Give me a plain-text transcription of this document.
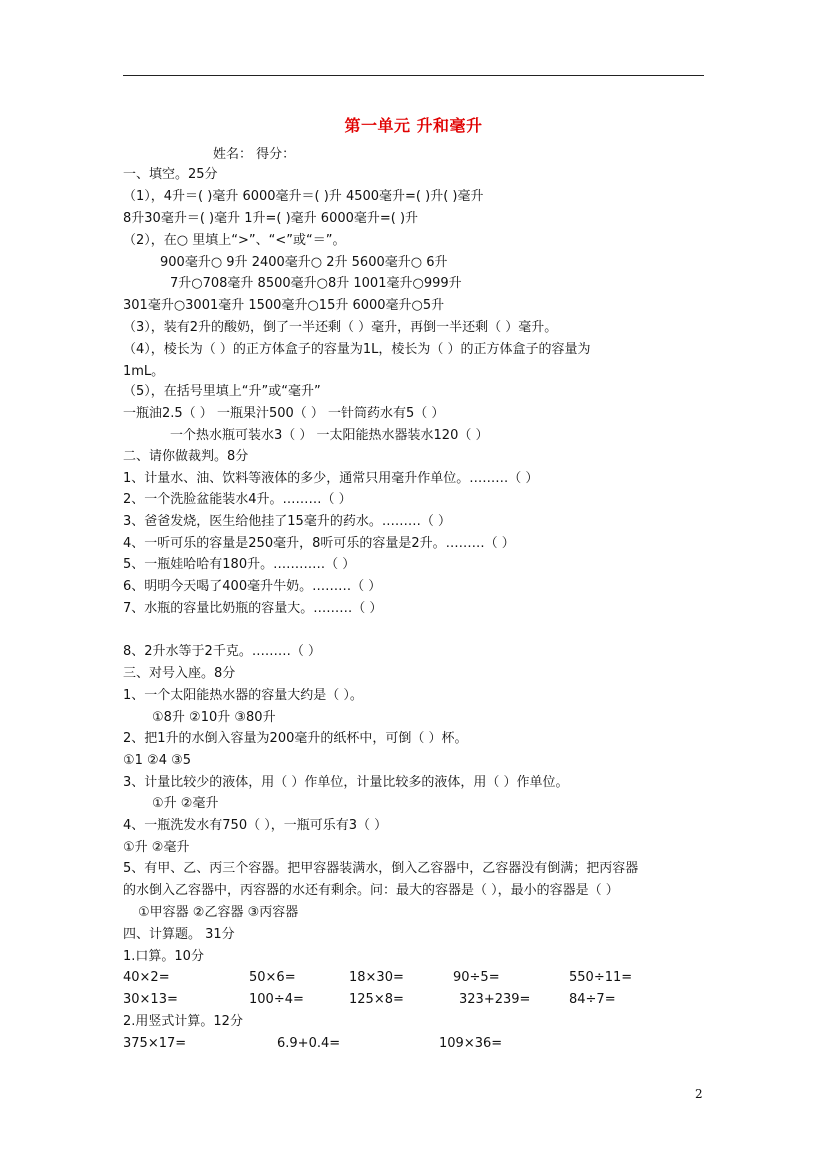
第一单元 升和毫升
姓名： 得分：
一、填空。25分
（1），4升＝( )毫升 6000毫升＝( )升 4500毫升=( )升( )毫升
8升30毫升＝( )毫升 1升=( )毫升 6000毫升=( )升
（2），在○ 里填上“>”、“<”或“＝”。
900毫升○ 9升 2400毫升○ 2升 5600毫升○ 6升
7升○708毫升 8500毫升○8升 1001毫升○999升
301毫升○3001毫升 1500毫升○15升 6000毫升○5升
（3），装有2升的酸奶，倒了一半还剩（ ）毫升，再倒一半还剩（ ）毫升。
（4），棱长为（ ）的正方体盒子的容量为1L，棱长为（ ）的正方体盒子的容量为
1mL。
（5），在括号里填上“升”或“毫升”
一瓶油2.5（ ） 一瓶果汁500（ ） 一针筒药水有5（ ）
一个热水瓶可装水3（ ） 一太阳能热水器装水120（ ）
二、请你做裁判。8分
1、计量水、油、饮料等液体的多少，通常只用毫升作单位。………（ ）
2、一个洗脸盆能装水4升。………（ ）
3、爸爸发烧，医生给他挂了15毫升的药水。………（ ）
4、一听可乐的容量是250毫升，8听可乐的容量是2升。………（ ）
5、一瓶娃哈哈有180升。…………（ ）
6、明明今天喝了400毫升牛奶。………（ ）
7、水瓶的容量比奶瓶的容量大。………（ ）
8、2升水等于2千克。………（ ）
三、对号入座。8分
1、一个太阳能热水器的容量大约是（ ）。
①8升 ②10升 ③80升
2、把1升的水倒入容量为200毫升的纸杯中，可倒（ ）杯。
①1 ②4 ③5
3、计量比较少的液体，用（ ）作单位，计量比较多的液体，用（ ）作单位。
①升 ②毫升
4、一瓶洗发水有750（ ），一瓶可乐有3（ ）
①升 ②毫升
5、有甲、乙、丙三个容器。把甲容器装满水，倒入乙容器中，乙容器没有倒满；把丙容器
的水倒入乙容器中，丙容器的水还有剩余。问：最大的容器是（ ），最小的容器是（ ）
①甲容器 ②乙容器 ③丙容器
四、计算题。 31分
1.口算。10分
40×2=	50×6=	18×30=	90÷5=	550÷11=
30×13=	100÷4=	125×8=	323+239=	84÷7=
2.用竖式计算。12分
375×17=	6.9+0.4=	109×36=
2
